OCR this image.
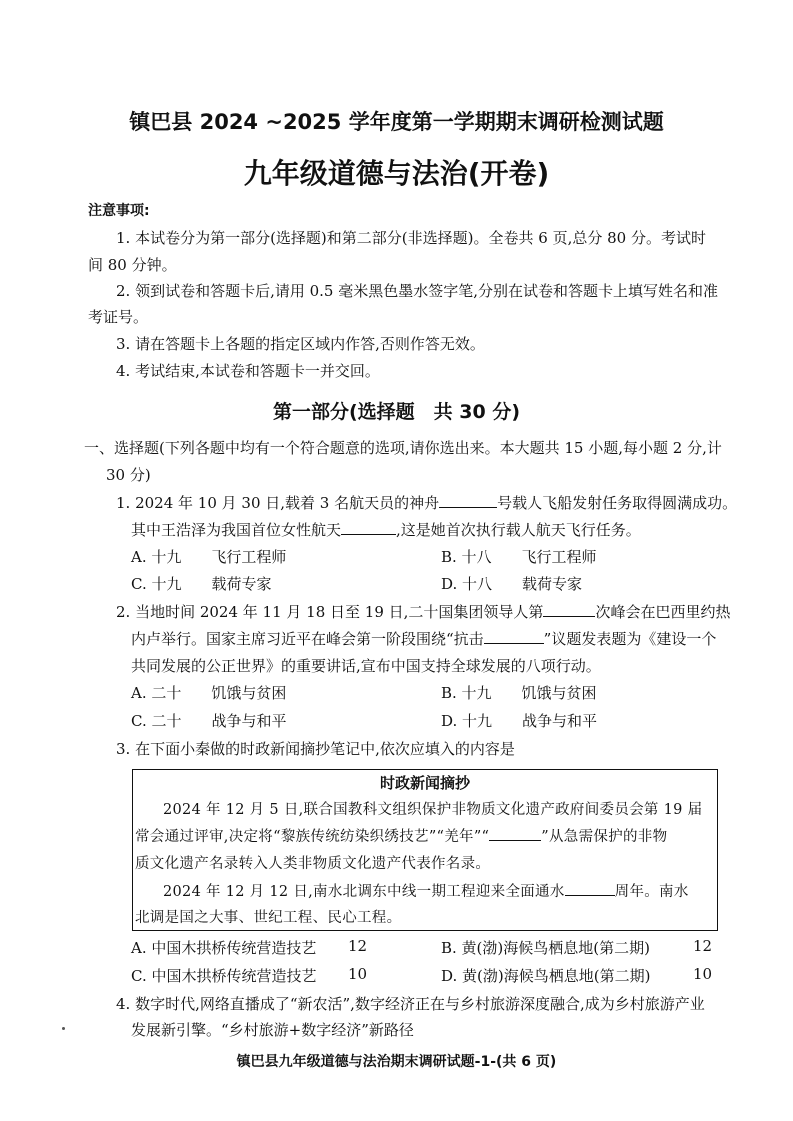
镇巴县 2024 ~2025 学年度第一学期期末调研检测试题
九年级道德与法治(开卷)
注意事项:
1. 本试卷分为第一部分(选择题)和第二部分(非选择题)。全卷共 6 页,总分 80 分。考试时
间 80 分钟。
2. 领到试卷和答题卡后,请用 0.5 毫米黑色墨水签字笔,分别在试卷和答题卡上填写姓名和准
考证号。
3. 请在答题卡上各题的指定区域内作答,否则作答无效。
4. 考试结束,本试卷和答题卡一并交回。
第一部分(选择题　共 30 分)
一、选择题(下列各题中均有一个符合题意的选项,请你选出来。本大题共 15 小题,每小题 2 分,计
30 分)
1. 2024 年 10 月 30 日,载着 3 名航天员的神舟	号载人飞船发射任务取得圆满成功。
其中王浩泽为我国首位女性航天	,这是她首次执行载人航天飞行任务。
A. 十九　　飞行工程师	B. 十八　　飞行工程师
C. 十九　　载荷专家	D. 十八　　载荷专家
2. 当地时间 2024 年 11 月 18 日至 19 日,二十国集团领导人第	次峰会在巴西里约热
内卢举行。国家主席习近平在峰会第一阶段围绕“抗击	”议题发表题为《建设一个
共同发展的公正世界》的重要讲话,宣布中国支持全球发展的八项行动。
A. 二十　　饥饿与贫困	B. 十九　　饥饿与贫困
C. 二十　　战争与和平	D. 十九　　战争与和平
3. 在下面小秦做的时政新闻摘抄笔记中,依次应填入的内容是
时政新闻摘抄
2024 年 12 月 5 日,联合国教科文组织保护非物质文化遗产政府间委员会第 19 届
常会通过评审,决定将“黎族传统纺染织绣技艺”“羌年”“	”从急需保护的非物
质文化遗产名录转入人类非物质文化遗产代表作名录。
2024 年 12 月 12 日,南水北调东中线一期工程迎来全面通水	周年。南水
北调是国之大事、世纪工程、民心工程。
A. 中国木拱桥传统营造技艺 12	B. 黄(渤)海候鸟栖息地(第二期)	12
C. 中国木拱桥传统营造技艺 10	D. 黄(渤)海候鸟栖息地(第二期)	10
4. 数字时代,网络直播成了“新农活”,数字经济正在与乡村旅游深度融合,成为乡村旅游产业
发展新引擎。“乡村旅游+数字经济”新路径
镇巴县九年级道德与法治期末调研试题-1-(共 6 页)
